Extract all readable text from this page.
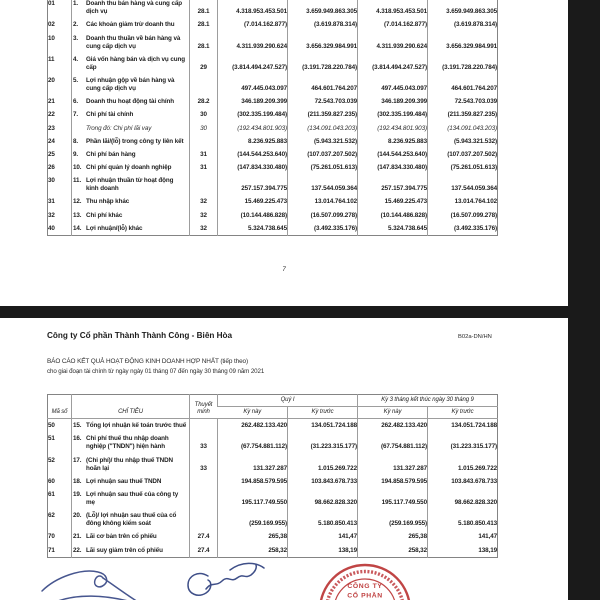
01	1. Doanh thu bán hàng và cung cấp dịch vụ	28.1	4.318.953.453.501	3.659.949.863.305	4.318.953.453.501	3.659.949.863.305
02	2. Các khoản giảm trừ doanh thu	28.1	(7.014.162.877)	(3.619.878.314)	(7.014.162.877)	(3.619.878.314)
10	3. Doanh thu thuần về bán hàng và cung cấp dịch vụ	28.1	4.311.939.290.624	3.656.329.984.991	4.311.939.290.624	3.656.329.984.991
11	4. Giá vốn hàng bán và dịch vụ cung cấp	29	(3.814.494.247.527)	(3.191.728.220.784)	(3.814.494.247.527)	(3.191.728.220.784)
20	5. Lợi nhuận gộp về bán hàng và cung cấp dịch vụ		497.445.043.097	464.601.764.207	497.445.043.097	464.601.764.207
21	6. Doanh thu hoạt động tài chính	28.2	346.189.209.399	72.543.703.039	346.189.209.399	72.543.703.039
22	7. Chi phí tài chính	30	(302.335.199.484)	(211.359.827.235)	(302.335.199.484)	(211.359.827.235)
23	Trong đó: Chi phí lãi vay	30	(192.434.801.903)	(134.091.043.203)	(192.434.801.903)	(134.091.043.203)
24	8. Phần lãi/(lỗ) trong công ty liên kết		8.236.925.883	(5.943.321.532)	8.236.925.883	(5.943.321.532)
25	9. Chi phí bán hàng	31	(144.544.253.640)	(107.037.207.502)	(144.544.253.640)	(107.037.207.502)
26	10. Chi phí quản lý doanh nghiệp	31	(147.834.330.480)	(75.261.051.613)	(147.834.330.480)	(75.261.051.613)
30	11. Lợi nhuận thuần từ hoạt động kinh doanh		257.157.394.775	137.544.059.364	257.157.394.775	137.544.059.364
31	12. Thu nhập khác	32	15.469.225.473	13.014.764.102	15.469.225.473	13.014.764.102
32	13. Chi phí khác	32	(10.144.486.828)	(16.507.099.278)	(10.144.486.828)	(16.507.099.278)
40	14. Lợi nhuận/(lỗ) khác	32	5.324.738.645	(3.492.335.176)	5.324.738.645	(3.492.335.176)
7
Công ty Cổ phần Thành Thành Công - Biên Hòa	B02a-DN/HN
BÁO CÁO KẾT QUẢ HOẠT ĐỘNG KINH DOANH HỢP NHẤT (tiếp theo)
cho giai đoạn tài chính từ ngày ngày 01 tháng 07 đến ngày 30 tháng 09 năm 2021
Mã số	CHỈ TIÊU	Thuyết minh	Quý I		Kỳ 3 tháng kết thúc ngày 30 tháng 9	
			Kỳ này	Kỳ trước	Kỳ này	Kỳ trước
50	15. Tổng lợi nhuận kế toán trước thuế		262.482.133.420	134.051.724.188	262.482.133.420	134.051.724.188
51	16. Chi phí thuế thu nhập doanh nghiệp ("TNDN") hiện hành	33	(67.754.881.112)	(31.223.315.177)	(67.754.881.112)	(31.223.315.177)
52	17. (Chi phí)/ thu nhập thuế TNDN hoãn lại	33	131.327.287	1.015.269.722	131.327.287	1.015.269.722
60	18. Lợi nhuận sau thuế TNDN		194.858.579.595	103.843.678.733	194.858.579.595	103.843.678.733
61	19. Lợi nhuận sau thuế của công ty mẹ		195.117.749.550	98.662.828.320	195.117.749.550	98.662.828.320
62	20. (Lỗ)/ lợi nhuận sau thuế của cổ đông không kiểm soát		(259.169.955)	5.180.850.413	(259.169.955)	5.180.850.413
70	21. Lãi cơ bản trên cổ phiếu	27.4	265,38	141,47	265,38	141,47
71	22. Lãi suy giảm trên cổ phiếu	27.4	258,32	138,19	258,32	138,19
CÔNG TY
CỔ PHẦN
